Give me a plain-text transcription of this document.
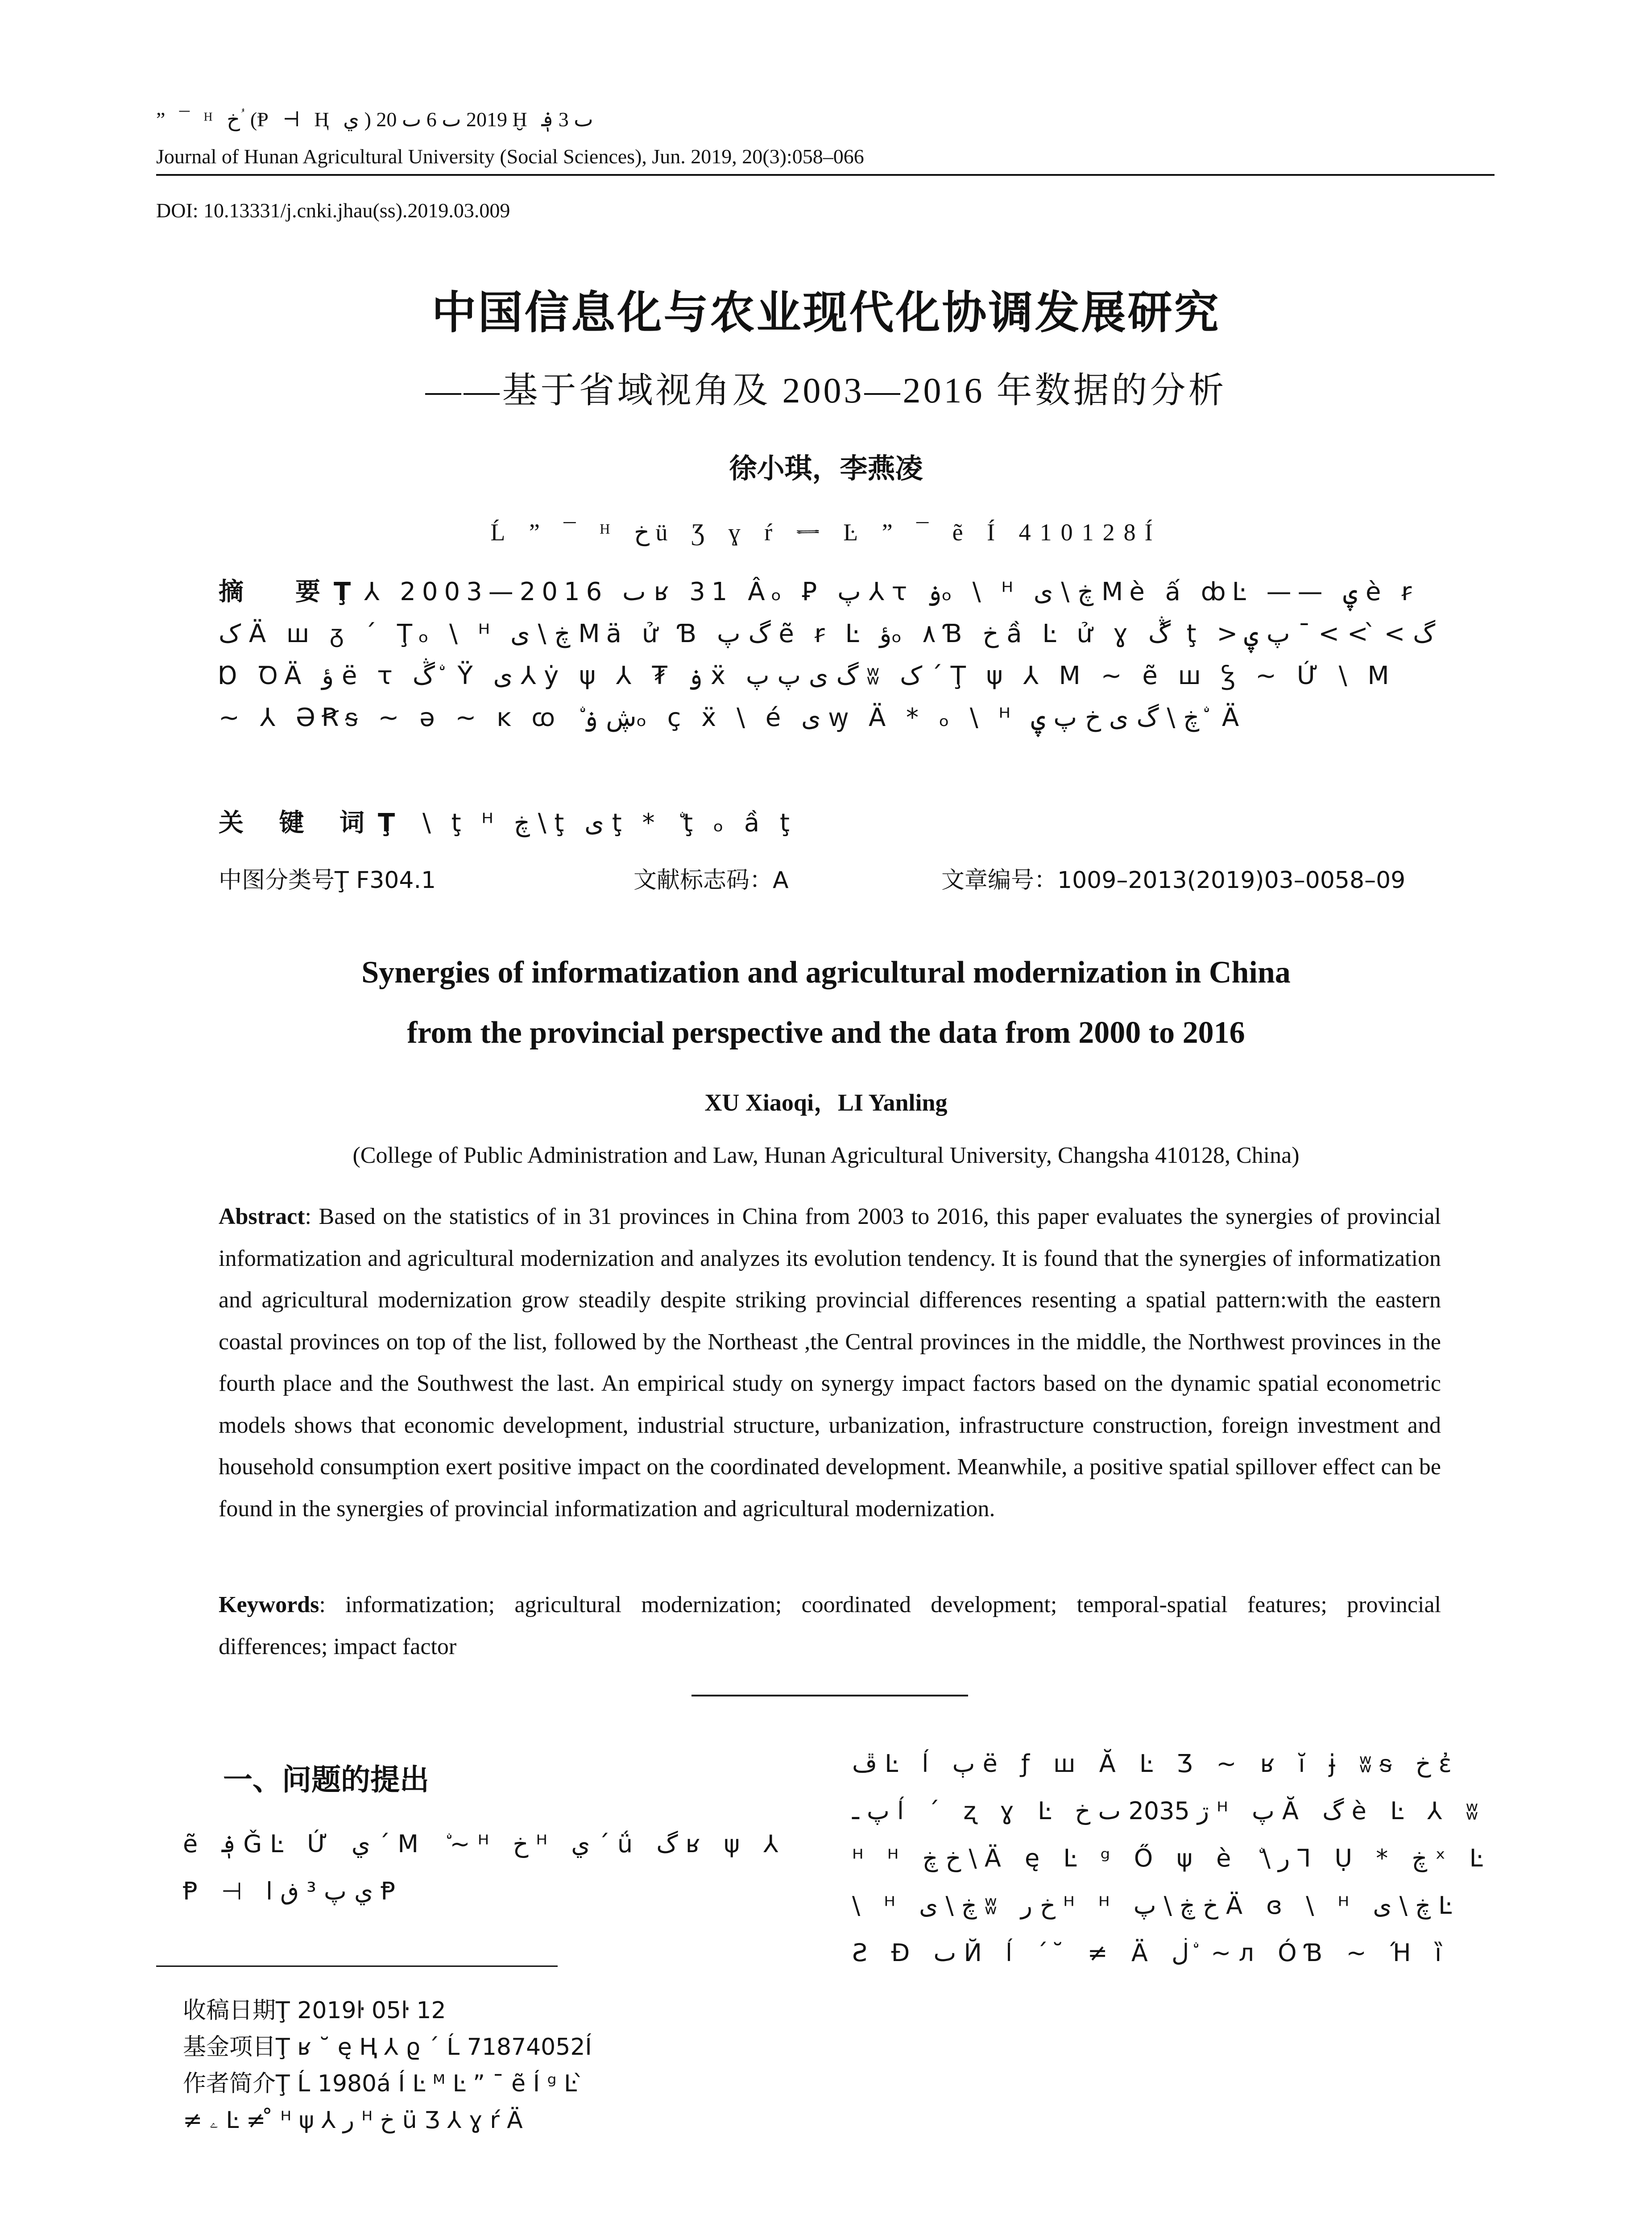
” ¯ ᴴ خ ؙ (Ᵽ ⊣ Ⱨ ي ) 2019 ٮ 6 ٮ 20 Ḫ ٮ 3 ؋
Journal of Hunan Agricultural University (Social Sciences), Jun. 2019, 20(3):058–066
DOI: 10.13331/j.cnki.jhau(ss).2019.03.009
中国信息化与农业现代化协调发展研究
——基于省域视角及 2003—2016 年数据的分析
徐小琪，李燕凌
Ĺ ” ¯ ᴴ خ ü Ʒ ɣ ŕ ᆖ Ŀ ” ¯ ẽ Í 410128Í
摘　要Ţ⅄ 2003—2016 ٮ ʁ 31 Âₒ Ꝑ پ ⅄ ꚍ ۏₒ \ ᴴ ڿ \ ی Mè ấ ȸĿ —— ۑ è ꞧ ک Ä ꟺ ᵹ ´ Ţₒ \ ᴴ ڿ \ ی Mä ử Ɓ گ پ ẽ ꞧ Ŀ ؤₒ ۸ Ɓ خ ầ Ŀ ử ɣ ڴ ̀ ţ >گ > ̀ > > ¯ پ ۑ Ɒ ꝹÄ ؤ ë ꚍ ڴ ۨ Ÿ ی ⅄ ẏ ψ ⅄ ₮ ۏ ẍ گ ی پ پ ʬ ک ´ Ţ ψ ⅄ M ~ ẽ ꟺ Ꝣ ~ Ứ \ M ~ ⅄ ƏꞦᵴ ~ ə ~ ĸ ꭃ ۨ ڜ ۏₒ ç ẍ \ é ی ꝡ Ä * ₒ \ ᴴ ڿ \ گ ی خ پ ۑ ۨ Ä
关 键 词Ţ \ ţ ᴴ ڿ \ ţ ی ţ * ۨ ţ ₒ ầ ţ
中图分类号Ţ F304.1	文献标志码：A	文章编号：1009–2013(2019)03–0058–09
Synergies of informatization and agricultural modernization in China
from the provincial perspective and the data from 2000 to 2016
XU Xiaoqi，LI Yanling
(College of Public Administration and Law, Hunan Agricultural University, Changsha 410128, China)
Abstract: Based on the statistics of in 31 provinces in China from 2003 to 2016, this paper evaluates the synergies of provincial informatization and agricultural modernization and analyzes its evolution tendency. It is found that the synergies of informatization and agricultural modernization grow steadily despite striking provincial differences resenting a spatial pattern:with the eastern coastal provinces on top of the list, followed by the Northeast ,the Central provinces in the middle, the Northwest provinces in the fourth place and the Southwest the last. An empirical study on synergy impact factors based on the dynamic spatial econometric models shows that economic development, industrial structure, urbanization, infrastructure construction, foreign investment and household consumption exert positive impact on the coordinated development. Meanwhile, a positive spatial spillover effect can be found in the synergies of provincial informatization and agricultural modernization.
Keywords: informatization; agricultural modernization; coordinated development; temporal-spatial features; provincial differences; impact factor
一、问题的提出
ẽ ؋ ǦĿ Ứ ي ´ M ۨ ~ ᴴ خ ᴴ ي ´ ǘ گ ʁ ψ ⅄ Ᵽ ⊣ ي پ ³ ڧ ا Ᵽ
ڦ Ŀ ĺ ٻ ë ƒ ꟺ Ă Ŀ Ʒ ~ ʁ ĭ ɉ ʬᵴ خ ἐ پ ـ ĺ ´ ʐ ɣ Ŀ ڗ 2035 ٮ خ ᴴ پ Ă گ è Ŀ ⅄ ʬ ᴴ ᴴ خ ڿ \ Ä ę Ŀ ᵍ Ő ψ è ۨ \ ﺭ Ꞁ Ụ * ڿ ˣ Ŀ \ ᴴ ڿ \ ی ʬ خ ﺭ ᴴ ᴴ خ ڿ \ پ Ä ɞ \ ᴴ ڿ \ ی Ŀ Ƨ Ɖ ٮ Й ĺ ´ ̆ ≠ Ä ڶ ۨ ~ л ÓƁ ~ Ή ȉ
收稿日期Ţ 2019ŀ 05ŀ 12
基金项目Ţ ʁ ˘ ę Ⱨ ⅄ ϱ ´ Ĺ 71874052Í
作者简介Ţ Ĺ 1980á Í Ŀ ᴹ Ŀ ” ¯ ẽ Í ᵍ Ŀ ̀
≠ ۦ Ŀ ≠ ̊ ᴴ ψ ⅄ ﺭ ᴴ خ ü Ʒ ⅄ ɣ ŕ Ä
